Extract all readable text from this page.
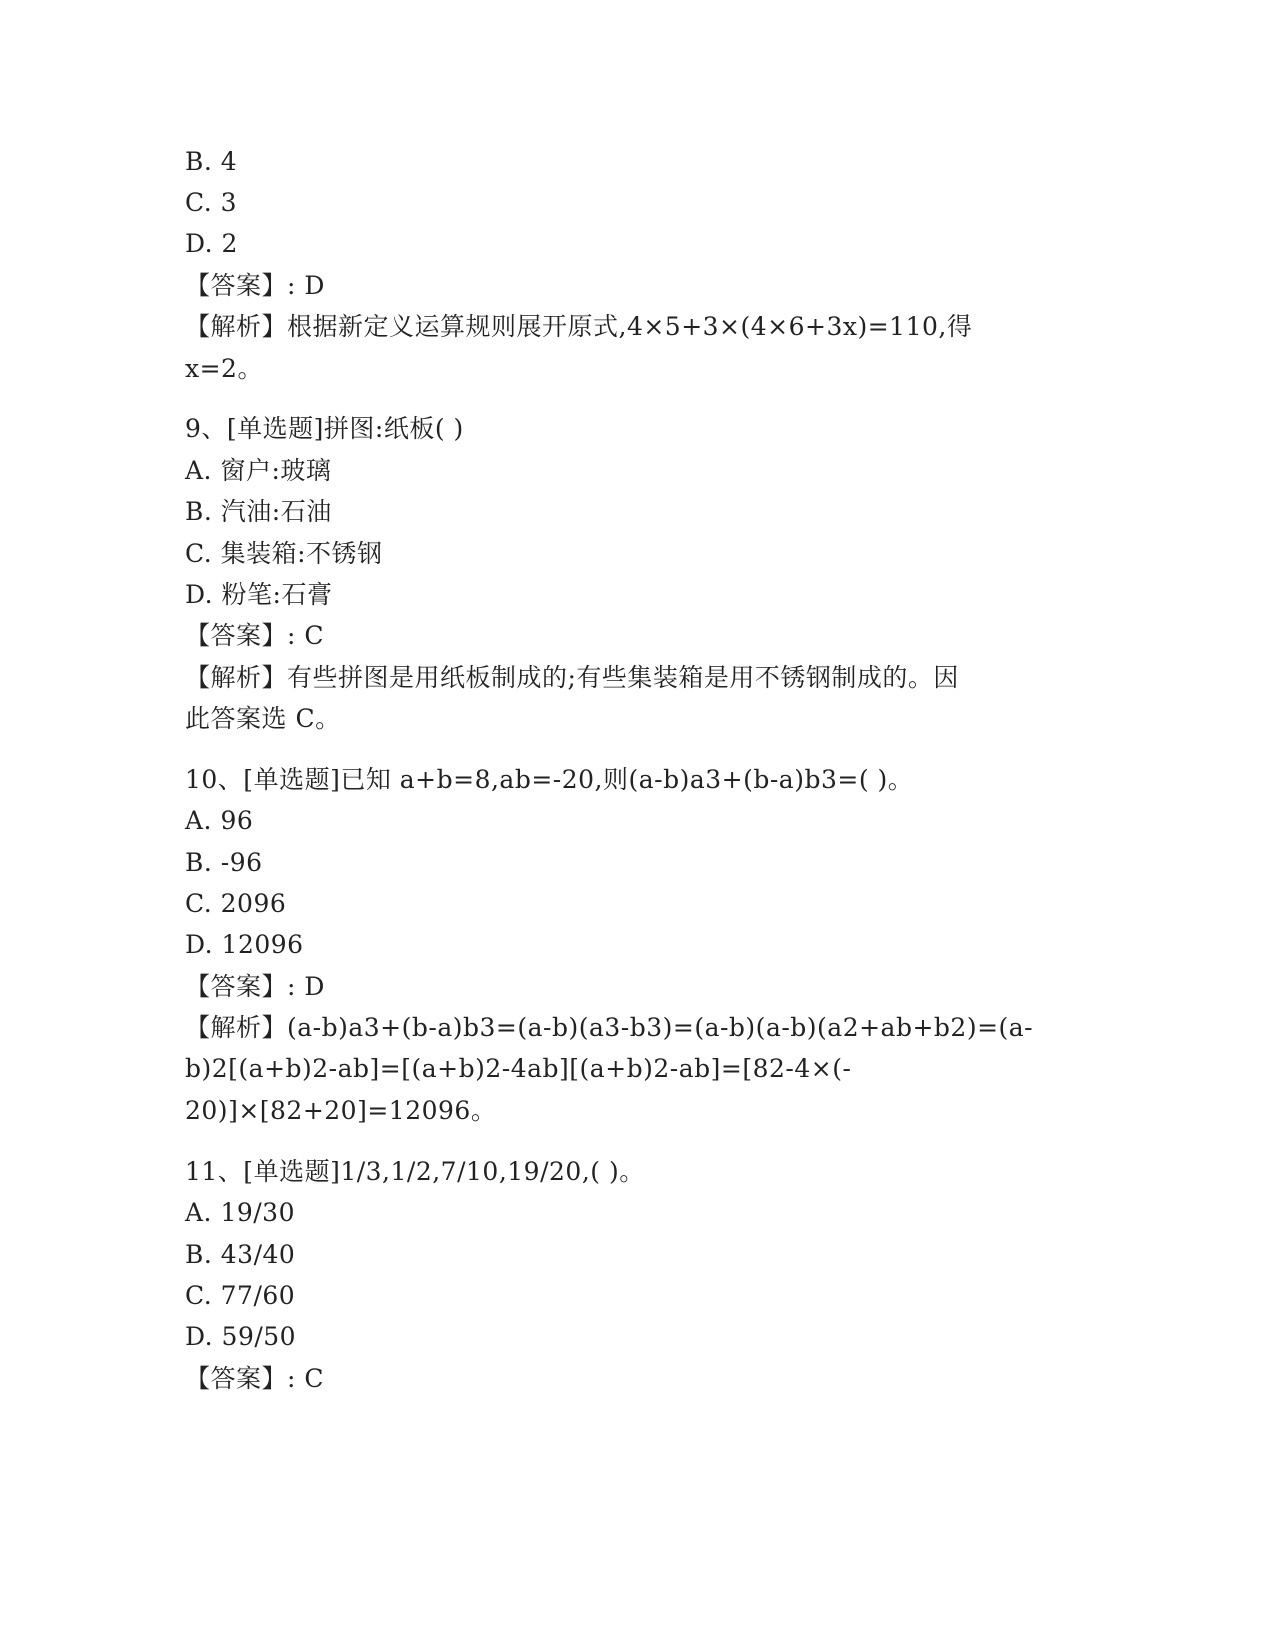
B. 4
C. 3
D. 2
【答案】: D
【解析】根据新定义运算规则展开原式,4×5+3×(4×6+3x)=110,得
x=2。
9、[单选题]拼图:纸板( )
A. 窗户:玻璃
B. 汽油:石油
C. 集装箱:不锈钢
D. 粉笔:石膏
【答案】: C
【解析】有些拼图是用纸板制成的;有些集装箱是用不锈钢制成的。因
此答案选 C。
10、[单选题]已知 a+b=8,ab=-20,则(a-b)a3+(b-a)b3=( )。
A. 96
B. -96
C. 2096
D. 12096
【答案】: D
【解析】(a-b)a3+(b-a)b3=(a-b)(a3-b3)=(a-b)(a-b)(a2+ab+b2)=(a-
b)2[(a+b)2-ab]=[(a+b)2-4ab][(a+b)2-ab]=[82-4×(-
20)]×[82+20]=12096。
11、[单选题]1/3,1/2,7/10,19/20,( )。
A. 19/30
B. 43/40
C. 77/60
D. 59/50
【答案】: C
